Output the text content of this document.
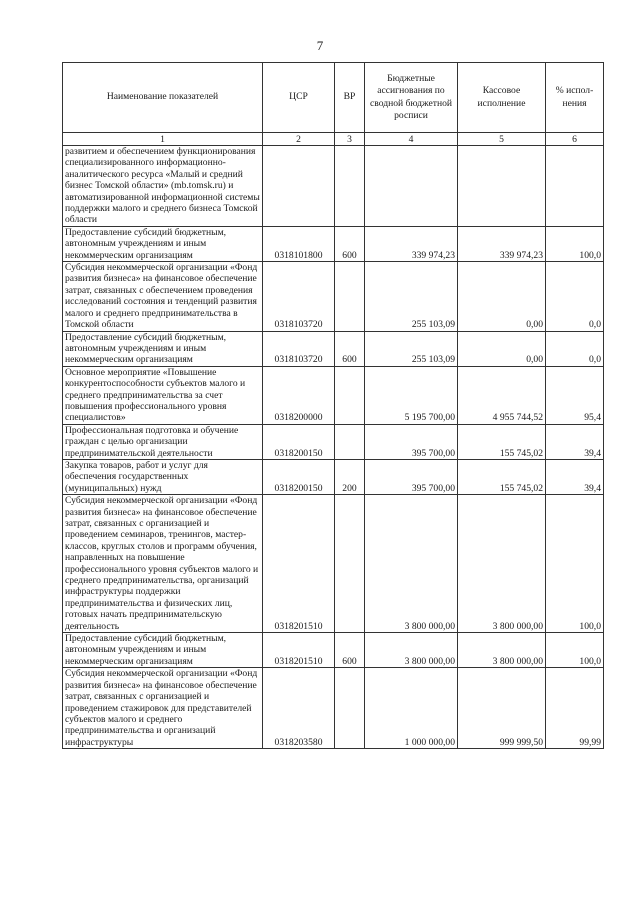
7
Наименование показателей	ЦСР	ВР	Бюджетные ассигнования по сводной бюджетной росписи	Кассовое исполнение	% испол-нения
1	2	3	4	5	6
развитием и обеспечением функционирования специализированного информационно-аналитического ресурса «Малый и средний бизнес Томской области» (mb.tomsk.ru) и автоматизированной информационной системы поддержки малого и среднего бизнеса Томской области					
Предоставление субсидий бюджетным, автономным учреждениям и иным некоммерческим организациям	0318101800	600	339 974,23	339 974,23	100,0
Субсидия некоммерческой организации «Фонд развития бизнеса» на финансовое обеспечение затрат, связанных с обеспечением проведения исследований состояния и тенденций развития малого и среднего предпринимательства в Томской области	0318103720		255 103,09	0,00	0,0
Предоставление субсидий бюджетным, автономным учреждениям и иным некоммерческим организациям	0318103720	600	255 103,09	0,00	0,0
Основное мероприятие «Повышение конкурентоспособности субъектов малого и среднего предпринимательства за счет повышения профессионального уровня специалистов»	0318200000		5 195 700,00	4 955 744,52	95,4
Профессиональная подготовка и обучение граждан с целью организации предпринимательской деятельности	0318200150		395 700,00	155 745,02	39,4
Закупка товаров, работ и услуг для обеспечения государственных (муниципальных) нужд	0318200150	200	395 700,00	155 745,02	39,4
Субсидия некоммерческой организации «Фонд развития бизнеса» на финансовое обеспечение затрат, связанных с организацией и проведением семинаров, тренингов, мастер-классов, круглых столов и программ обучения, направленных на повышение профессионального уровня субъектов малого и среднего предпринимательства, организаций инфраструктуры поддержки предпринимательства и физических лиц, готовых начать предпринимательскую деятельность	0318201510		3 800 000,00	3 800 000,00	100,0
Предоставление субсидий бюджетным, автономным учреждениям и иным некоммерческим организациям	0318201510	600	3 800 000,00	3 800 000,00	100,0
Субсидия некоммерческой организации «Фонд развития бизнеса» на финансовое обеспечение затрат, связанных с организацией и проведением стажировок для представителей субъектов малого и среднего предпринимательства и организаций инфраструктуры	0318203580		1 000 000,00	999 999,50	99,99
